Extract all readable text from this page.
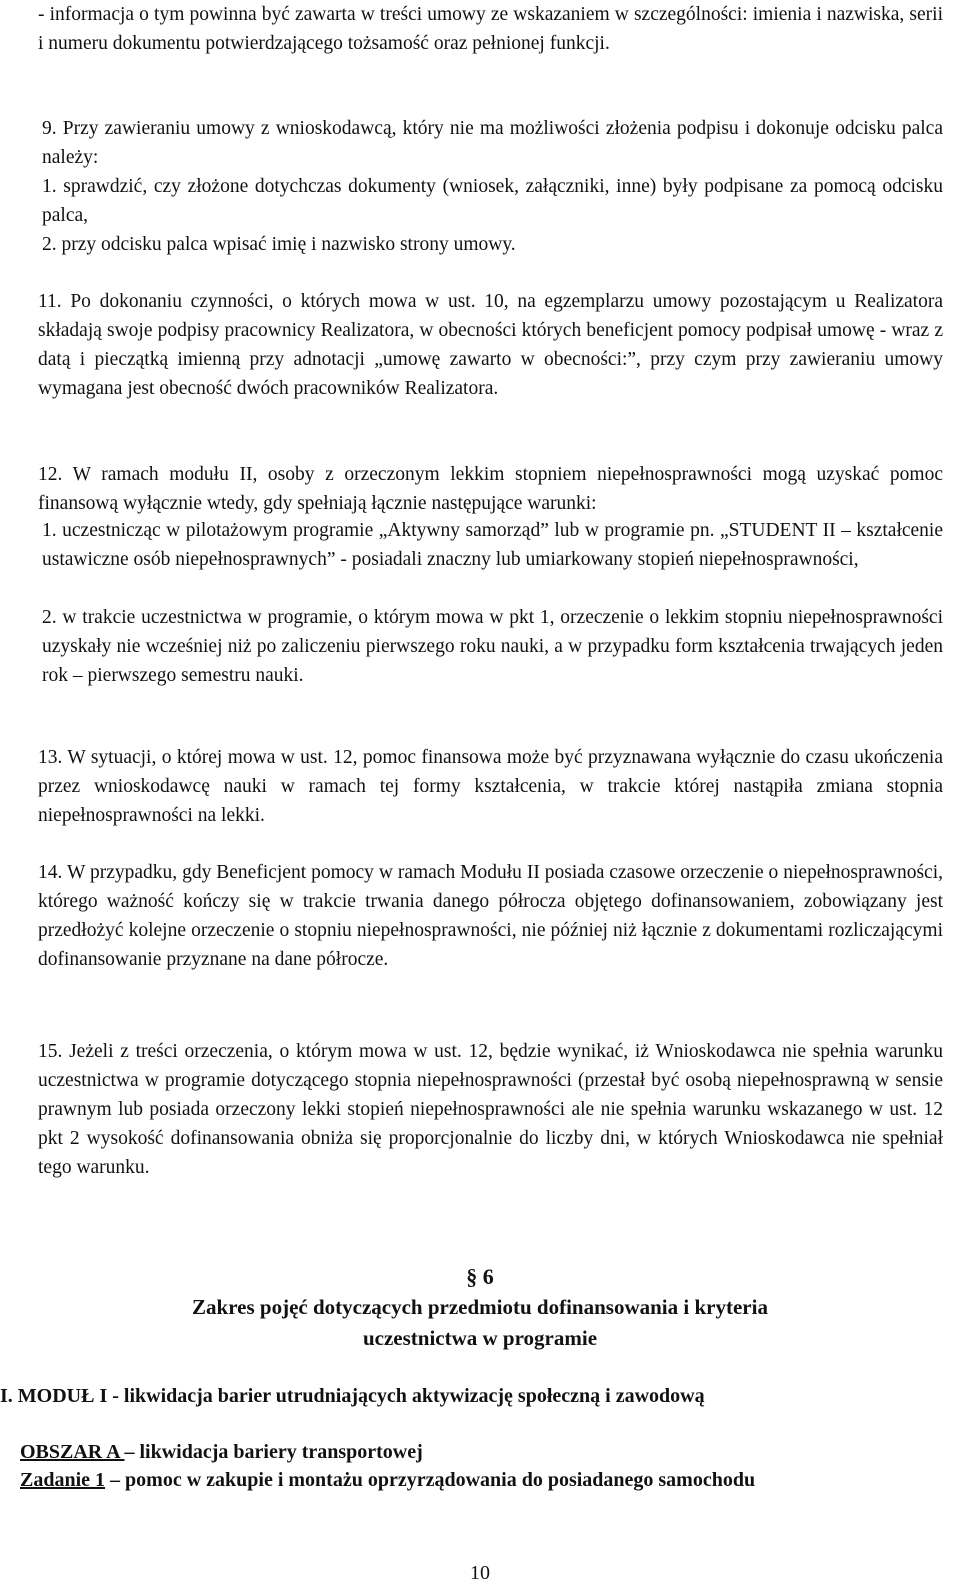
- informacja o tym powinna być zawarta w treści umowy ze wskazaniem w szczególności: imienia i nazwiska, serii i numeru dokumentu potwierdzającego tożsamość oraz pełnionej funkcji.

9. Przy zawieraniu umowy z wnioskodawcą, który nie ma możliwości złożenia podpisu i dokonuje odcisku palca należy:

1. sprawdzić, czy złożone dotychczas dokumenty (wniosek, załączniki, inne) były podpisane za pomocą odcisku palca,

2. przy odcisku palca wpisać imię i nazwisko strony umowy.

11. Po dokonaniu czynności, o których mowa w ust. 10, na egzemplarzu umowy pozostającym u Realizatora składają swoje podpisy pracownicy Realizatora, w obecności których beneficjent pomocy podpisał umowę - wraz z datą i pieczątką imienną przy adnotacji „umowę zawarto w obecności:”, przy czym przy zawieraniu umowy wymagana jest obecność dwóch pracowników Realizatora.

12. W ramach modułu II, osoby z orzeczonym lekkim stopniem niepełnosprawności mogą uzyskać pomoc finansową wyłącznie wtedy, gdy spełniają łącznie następujące warunki:

1. uczestnicząc w pilotażowym programie „Aktywny samorząd” lub w programie pn. „STUDENT II – kształcenie ustawiczne osób niepełnosprawnych” - posiadali znaczny lub umiarkowany stopień niepełnosprawności,

2. w trakcie uczestnictwa w programie, o którym mowa w pkt 1, orzeczenie o lekkim stopniu niepełnosprawności uzyskały nie wcześniej niż po zaliczeniu pierwszego roku nauki, a w przypadku form kształcenia trwających jeden rok – pierwszego semestru nauki.

13. W sytuacji, o której mowa w ust. 12, pomoc finansowa może być przyznawana wyłącznie do czasu ukończenia przez wnioskodawcę nauki w ramach tej formy kształcenia, w trakcie której nastąpiła zmiana stopnia niepełnosprawności na lekki.

14. W przypadku, gdy Beneficjent pomocy w ramach Modułu II posiada czasowe orzeczenie o niepełnosprawności, którego ważność kończy się w trakcie trwania danego półrocza objętego dofinansowaniem, zobowiązany jest przedłożyć kolejne orzeczenie o stopniu niepełnosprawności, nie później niż łącznie z dokumentami rozliczającymi dofinansowanie przyznane na dane półrocze.

15. Jeżeli z treści orzeczenia, o którym mowa w ust. 12, będzie wynikać, iż Wnioskodawca nie spełnia warunku uczestnictwa w programie dotyczącego stopnia niepełnosprawności (przestał być osobą niepełnosprawną w sensie prawnym lub posiada orzeczony lekki stopień niepełnosprawności ale nie spełnia warunku wskazanego w ust. 12 pkt 2 wysokość dofinansowania obniża się proporcjonalnie do liczby dni, w których Wnioskodawca nie spełniał tego warunku.

§ 6
Zakres pojęć dotyczących przedmiotu dofinansowania i kryteria uczestnictwa w programie
I. MODUŁ I - likwidacja barier utrudniających aktywizację społeczną i zawodową
OBSZAR A – likwidacja bariery transportowej
Zadanie 1 – pomoc w zakupie i montażu oprzyrządowania do posiadanego samochodu
10
